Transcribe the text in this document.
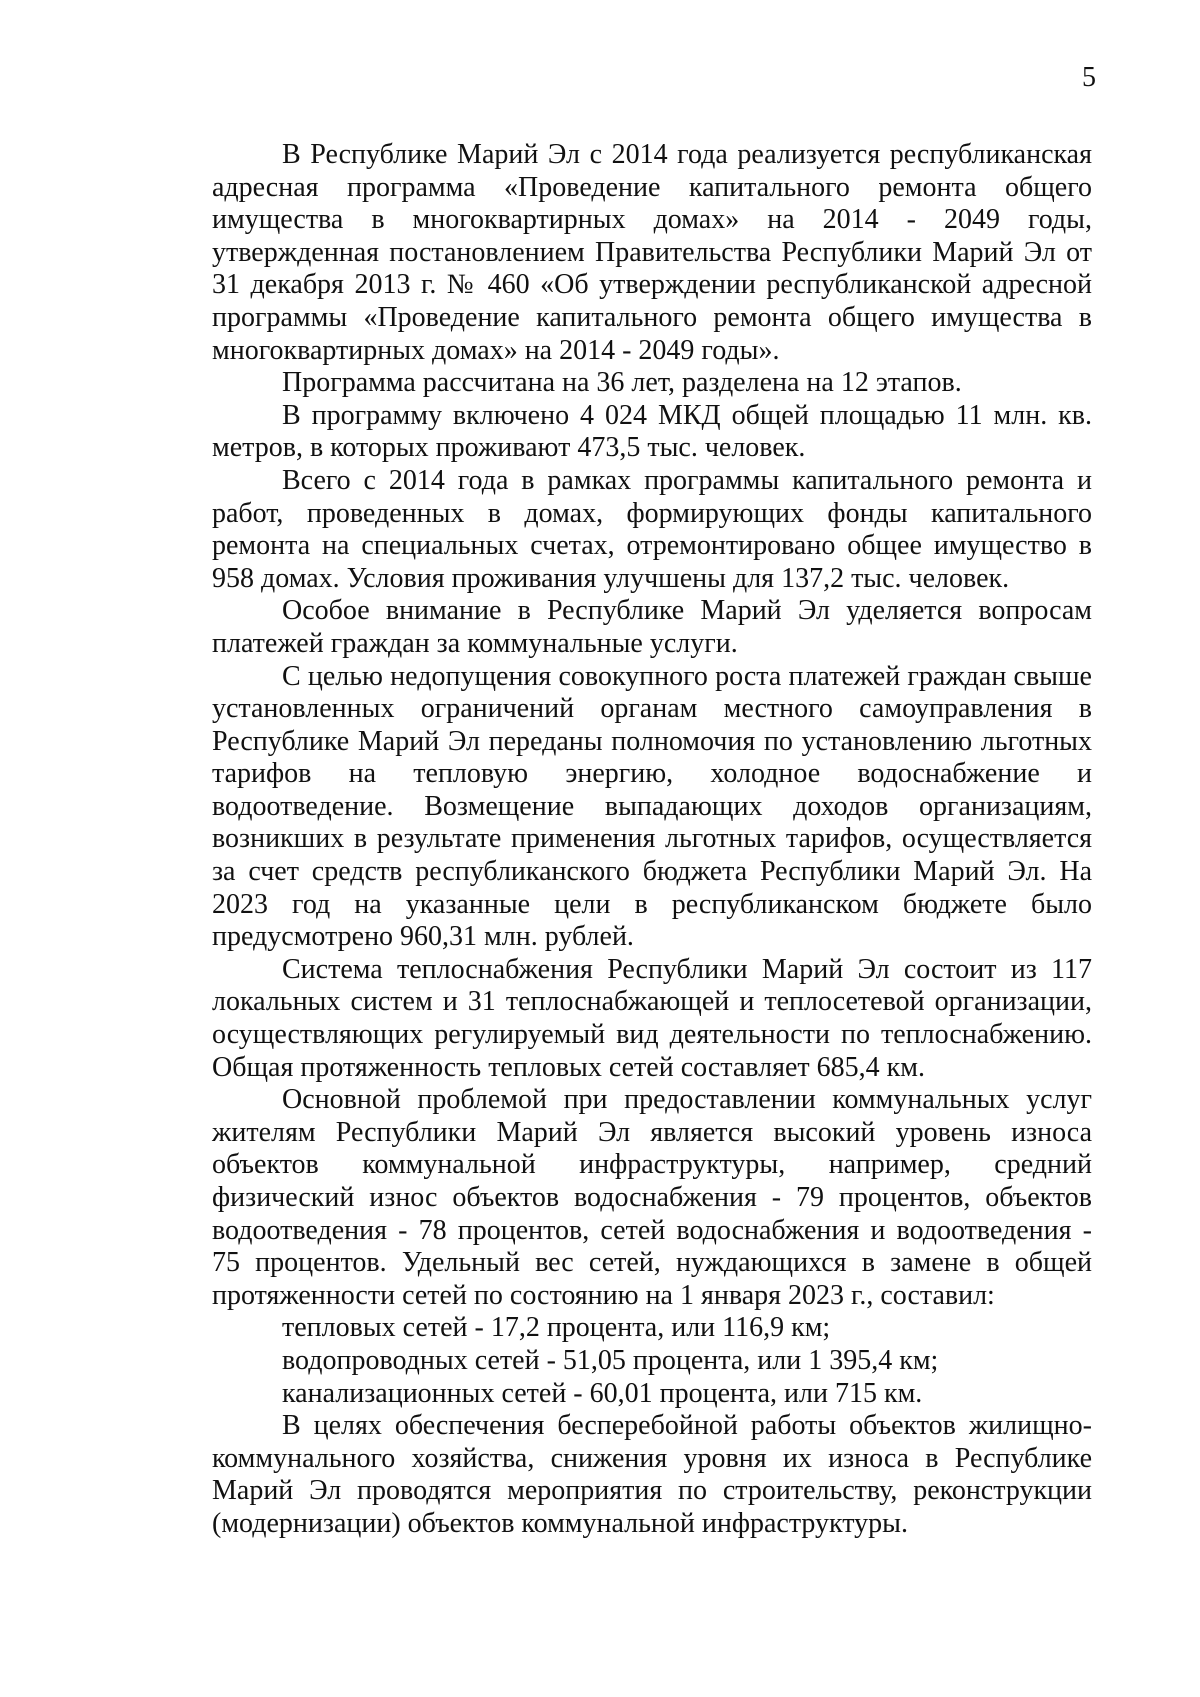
5

В Республике Марий Эл с 2014 года реализуется республиканская адресная программа «Проведение капитального ремонта общего имущества в многоквартирных домах» на 2014 - 2049 годы, утвержденная постановлением Правительства Республики Марий Эл от 31 декабря 2013 г. № 460 «Об утверждении республиканской адресной программы «Проведение капитального ремонта общего имущества в многоквартирных домах» на 2014 - 2049 годы».

Программа рассчитана на 36 лет, разделена на 12 этапов.

В программу включено 4 024 МКД общей площадью 11 млн. кв. метров, в которых проживают 473,5 тыс. человек.

Всего с 2014 года в рамках программы капитального ремонта и работ, проведенных в домах, формирующих фонды капитального ремонта на специальных счетах, отремонтировано общее имущество в 958 домах. Условия проживания улучшены для 137,2 тыс. человек.

Особое внимание в Республике Марий Эл уделяется вопросам платежей граждан за коммунальные услуги.

С целью недопущения совокупного роста платежей граждан свыше установленных ограничений органам местного самоуправления в Республике Марий Эл переданы полномочия по установлению льготных тарифов на тепловую энергию, холодное водоснабжение и водоотведение. Возмещение выпадающих доходов организациям, возникших в результате применения льготных тарифов, осуществляется за счет средств республиканского бюджета Республики Марий Эл. На 2023 год на указанные цели в республиканском бюджете было предусмотрено 960,31 млн. рублей.

Система теплоснабжения Республики Марий Эл состоит из 117 локальных систем и 31 теплоснабжающей и теплосетевой организации, осуществляющих регулируемый вид деятельности по теплоснабжению. Общая протяженность тепловых сетей составляет 685,4 км.

Основной проблемой при предоставлении коммунальных услуг жителям Республики Марий Эл является высокий уровень износа объектов коммунальной инфраструктуры, например, средний физический износ объектов водоснабжения - 79 процентов, объектов водоотведения - 78 процентов, сетей водоснабжения и водоотведения - 75 процентов. Удельный вес сетей, нуждающихся в замене в общей протяженности сетей по состоянию на 1 января 2023 г., составил:

тепловых сетей - 17,2 процента, или 116,9 км;

водопроводных сетей - 51,05 процента, или 1 395,4 км;

канализационных сетей - 60,01 процента, или 715 км.

В целях обеспечения бесперебойной работы объектов жилищно-коммунального хозяйства, снижения уровня их износа в Республике Марий Эл проводятся мероприятия по строительству, реконструкции (модернизации) объектов коммунальной инфраструктуры.
